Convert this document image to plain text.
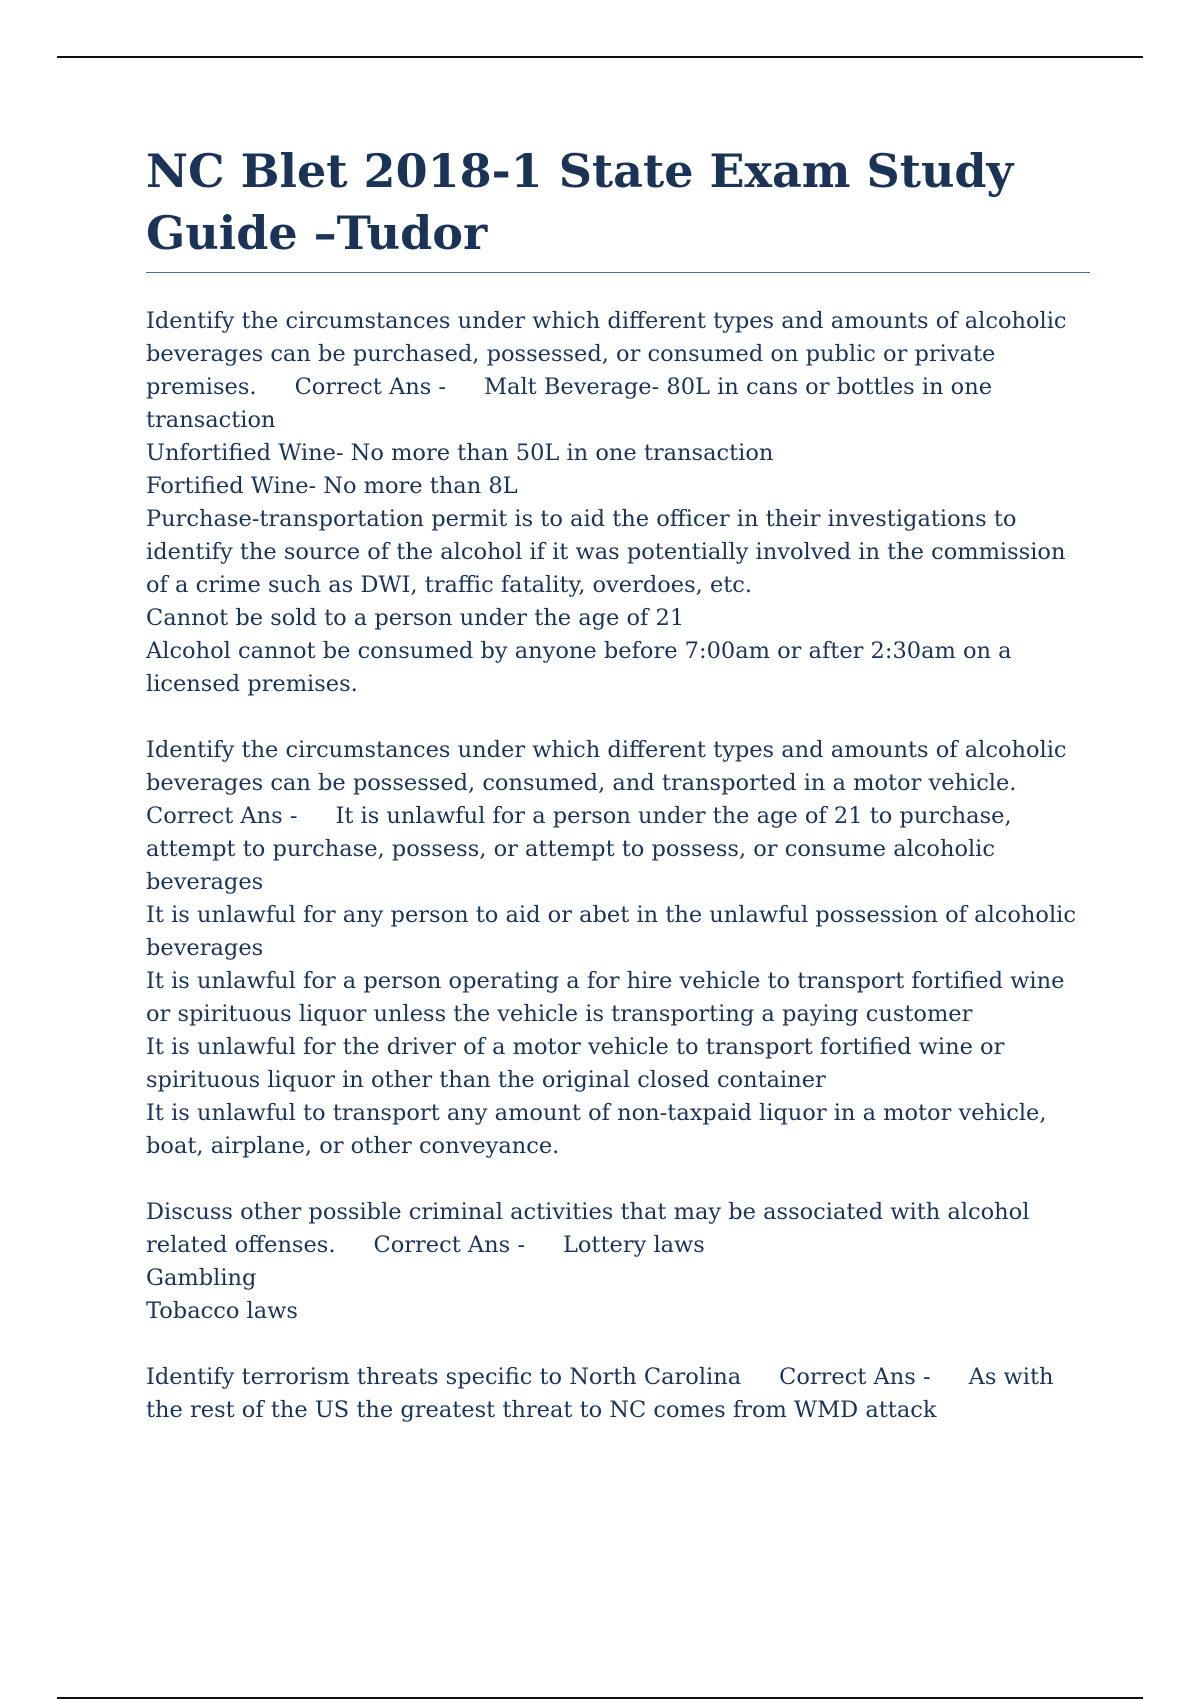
NC Blet 2018-1 State Exam Study Guide –Tudor
Identify the circumstances under which different types and amounts of alcoholic beverages can be purchased, possessed, or consumed on public or private premises. Correct Ans - Malt Beverage- 80L in cans or bottles in one transaction
Unfortified Wine- No more than 50L in one transaction
Fortified Wine- No more than 8L
Purchase-transportation permit is to aid the officer in their investigations to identify the source of the alcohol if it was potentially involved in the commission of a crime such as DWI, traffic fatality, overdoes, etc.
Cannot be sold to a person under the age of 21
Alcohol cannot be consumed by anyone before 7:00am or after 2:30am on a licensed premises.
Identify the circumstances under which different types and amounts of alcoholic beverages can be possessed, consumed, and transported in a motor vehicle.Correct Ans - It is unlawful for a person under the age of 21 to purchase, attempt to purchase, possess, or attempt to possess, or consume alcoholic beverages
It is unlawful for any person to aid or abet in the unlawful possession of alcoholic beverages
It is unlawful for a person operating a for hire vehicle to transport fortified wine or spirituous liquor unless the vehicle is transporting a paying customer
It is unlawful for the driver of a motor vehicle to transport fortified wine or spirituous liquor in other than the original closed container
It is unlawful to transport any amount of non-taxpaid liquor in a motor vehicle, boat, airplane, or other conveyance.
Discuss other possible criminal activities that may be associated with alcohol related offenses. Correct Ans - Lottery laws
Gambling
Tobacco laws
Identify terrorism threats specific to North Carolina Correct Ans - As with the rest of the US the greatest threat to NC comes from WMD attack
